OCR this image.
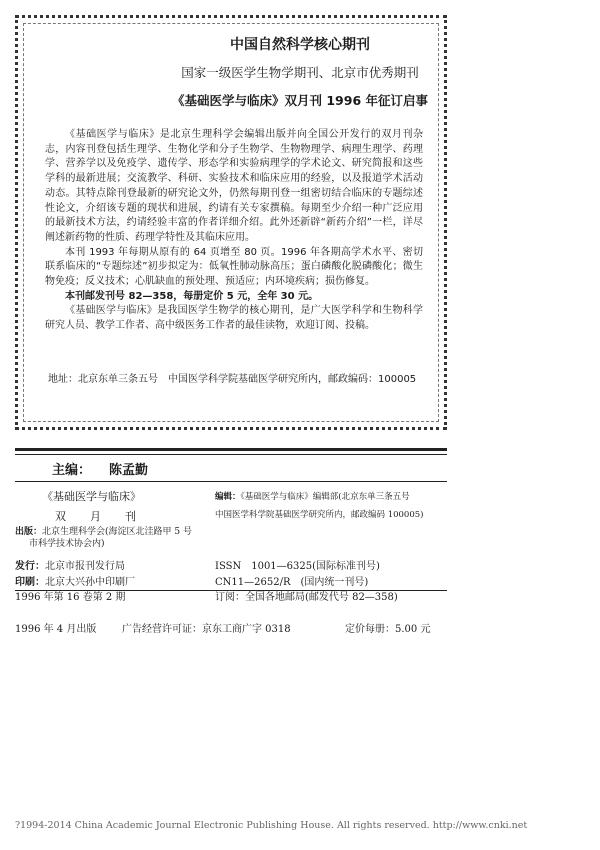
中国自然科学核心期刊
国家一级医学生物学期刊、北京市优秀期刊
《基础医学与临床》双月刊 1996 年征订启事

《基础医学与临床》是北京生理科学会编辑出版并向全国公开发行的双月刊杂志，内容刊登包括生理学、生物化学和分子生物学、生物物理学、病理生理学、药理学、营养学以及免疫学、遗传学、形态学和实验病理学的学术论文、研究简报和这些学科的最新进展；交流教学、科研、实验技术和临床应用的经验，以及报道学术活动动态。其特点除刊登最新的研究论文外，仍然每期刊登一组密切结合临床的专题综述性论文，介绍该专题的现状和进展，约请有关专家撰稿。每期至少介绍一种广泛应用的最新技术方法，约请经验丰富的作者详细介绍。此外还新辟“新药介绍”一栏，详尽阐述新药物的性质、药理学特性及其临床应用。

本刊 1993 年每期从原有的 64 页增至 80 页。1996 年各期高学术水平、密切联系临床的“专题综述”初步拟定为：低氧性肺动脉高压；蛋白磷酸化脱磷酸化；微生物免疫；反义技术；心肌缺血的预处理、预适应；内环境疾病；损伤修复。

本刊邮发刊号 82—358，每册定价 5 元，全年 30 元。

《基础医学与临床》是我国医学生物学的核心期刊，是广大医学科学和生物科学研究人员、教学工作者、高中级医务工作者的最佳读物，欢迎订阅、投稿。

地址：北京东单三条五号　中国医学科学院基础医学研究所内，邮政编码：100005
主编： 陈孟勤
《基础医学与临床》
双 月 刊
出版：北京生理科学会(海淀区北洼路甲 5 号
市科学技术协会内)
发行：北京市报刊发行局
印刷：北京大兴孙中印刷厂
1996 年第 16 卷第 2 期
编辑：《基础医学与临床》编辑部(北京东单三条五号
中国医学科学院基础医学研究所内，邮政编码 100005)
ISSN　1001—6325(国际标准刊号)
CN11—2652/R　(国内统一刊号)
订阅：全国各地邮局(邮发代号 82—358)
1996 年 4 月出版	广告经营许可证：京东工商广字 0318	定价每册：5.00 元
?1994-2014 China Academic Journal Electronic Publishing House. All rights reserved. http://www.cnki.net
